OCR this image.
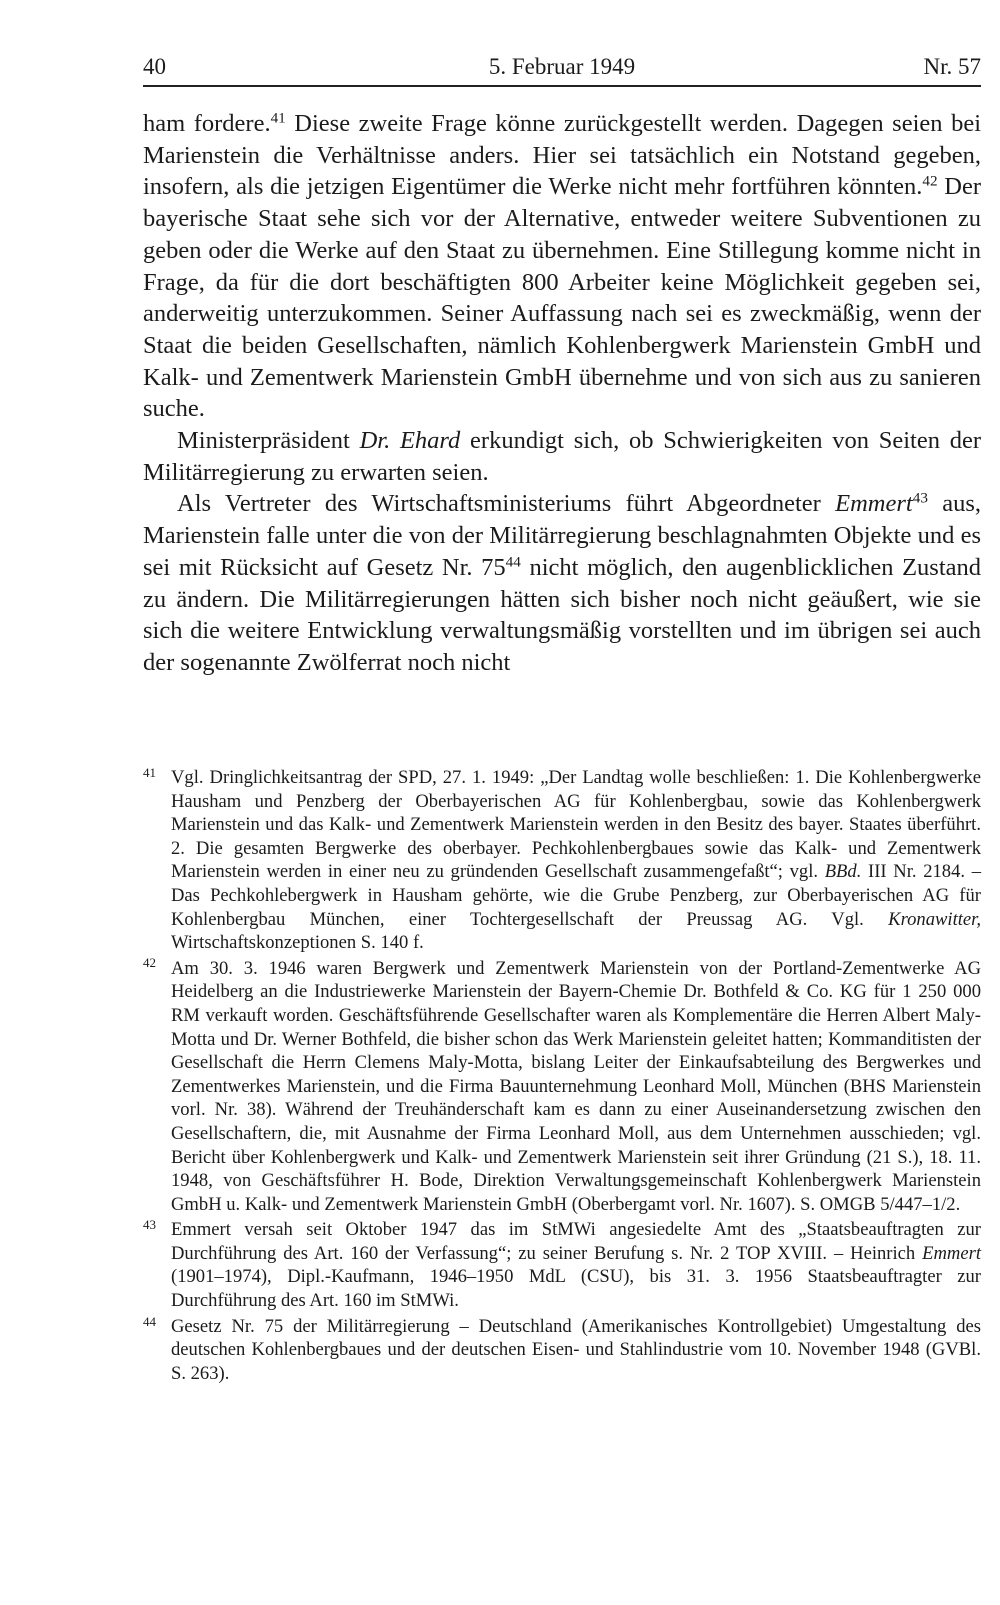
40	5. Februar 1949	Nr. 57

ham fordere.$^{41}$ Diese zweite Frage könne zurückgestellt werden. Dagegen seien bei Marienstein die Verhältnisse anders. Hier sei tatsächlich ein Notstand gegeben, insofern, als die jetzigen Eigentümer die Werke nicht mehr fortführen könnten.$^{42}$ Der bayerische Staat sehe sich vor der Alternative, entweder weitere Subventionen zu geben oder die Werke auf den Staat zu übernehmen. Eine Stillegung komme nicht in Frage, da für die dort beschäftigten 800 Arbeiter keine Möglichkeit gegeben sei, anderweitig unterzukommen. Seiner Auffassung nach sei es zweckmäßig, wenn der Staat die beiden Gesellschaften, nämlich Kohlenbergwerk Marienstein GmbH und Kalk- und Zementwerk Marienstein GmbH übernehme und von sich aus zu sanieren suche.

Ministerpräsident Dr. Ehard erkundigt sich, ob Schwierigkeiten von Seiten der Militärregierung zu erwarten seien.

Als Vertreter des Wirtschaftsministeriums führt Abgeordneter Emmert$^{43}$ aus, Marienstein falle unter die von der Militärregierung beschlagnahmten Objekte und es sei mit Rücksicht auf Gesetz Nr. $75^{44}$ nicht möglich, den augenblicklichen Zustand zu ändern. Die Militärregierungen hätten sich bisher noch nicht geäußert, wie sie sich die weitere Entwicklung verwaltungsmäßig vorstellten und im übrigen sei auch der sogenannte Zwölferrat noch nicht

41 Vgl. Dringlichkeitsantrag der SPD, 27. 1. 1949: „Der Landtag wolle beschließen: 1. Die Kohlenbergwerke Hausham und Penzberg der Oberbayerischen AG für Kohlenbergbau, sowie das Kohlenbergwerk Marienstein und das Kalk- und Zementwerk Marienstein werden in den Besitz des bayer. Staates überführt. 2. Die gesamten Bergwerke des oberbayer. Pechkohlenbergbaues sowie das Kalk- und Zementwerk Marienstein werden in einer neu zu gründenden Gesellschaft zusammengefaßt“; vgl. BBd. III Nr. 2184. – Das Pechkohlebergwerk in Hausham gehörte, wie die Grube Penzberg, zur Oberbayerischen AG für Kohlenbergbau München, einer Tochtergesellschaft der Preussag AG. Vgl. Kronawitter, Wirtschaftskonzeptionen S. 140 f.
42 Am 30. 3. 1946 waren Bergwerk und Zementwerk Marienstein von der Portland-Zementwerke AG Heidelberg an die Industriewerke Marienstein der Bayern-Chemie Dr. Bothfeld & Co. KG für 1 250 000 RM verkauft worden. Geschäftsführende Gesellschafter waren als Komplementäre die Herren Albert Maly-Motta und Dr. Werner Bothfeld, die bisher schon das Werk Marienstein geleitet hatten; Kommanditisten der Gesellschaft die Herrn Clemens Maly-Motta, bislang Leiter der Einkaufsabteilung des Bergwerkes und Zementwerkes Marienstein, und die Firma Bauunternehmung Leonhard Moll, München (BHS Marienstein vorl. Nr. 38). Während der Treuhänderschaft kam es dann zu einer Auseinandersetzung zwischen den Gesellschaftern, die, mit Ausnahme der Firma Leonhard Moll, aus dem Unternehmen ausschieden; vgl. Bericht über Kohlenbergwerk und Kalk- und Zementwerk Marienstein seit ihrer Gründung (21 S.), 18. 11. 1948, von Geschäftsführer H. Bode, Direktion Verwaltungsgemeinschaft Kohlenbergwerk Marienstein GmbH u. Kalk- und Zementwerk Marienstein GmbH (Oberbergamt vorl. Nr. 1607). S. OMGB 5/447–1/2.
43 Emmert versah seit Oktober 1947 das im StMWi angesiedelte Amt des „Staatsbeauftragten zur Durchführung des Art. 160 der Verfassung“; zu seiner Berufung s. Nr. 2 TOP XVIII. – Heinrich Emmert (1901–1974), Dipl.-Kaufmann, 1946–1950 MdL (CSU), bis 31. 3. 1956 Staatsbeauftragter zur Durchführung des Art. 160 im StMWi.
44 Gesetz Nr. 75 der Militärregierung – Deutschland (Amerikanisches Kontrollgebiet) Umgestaltung des deutschen Kohlenbergbaues und der deutschen Eisen- und Stahlindustrie vom 10. November 1948 (GVBl. S. 263).
